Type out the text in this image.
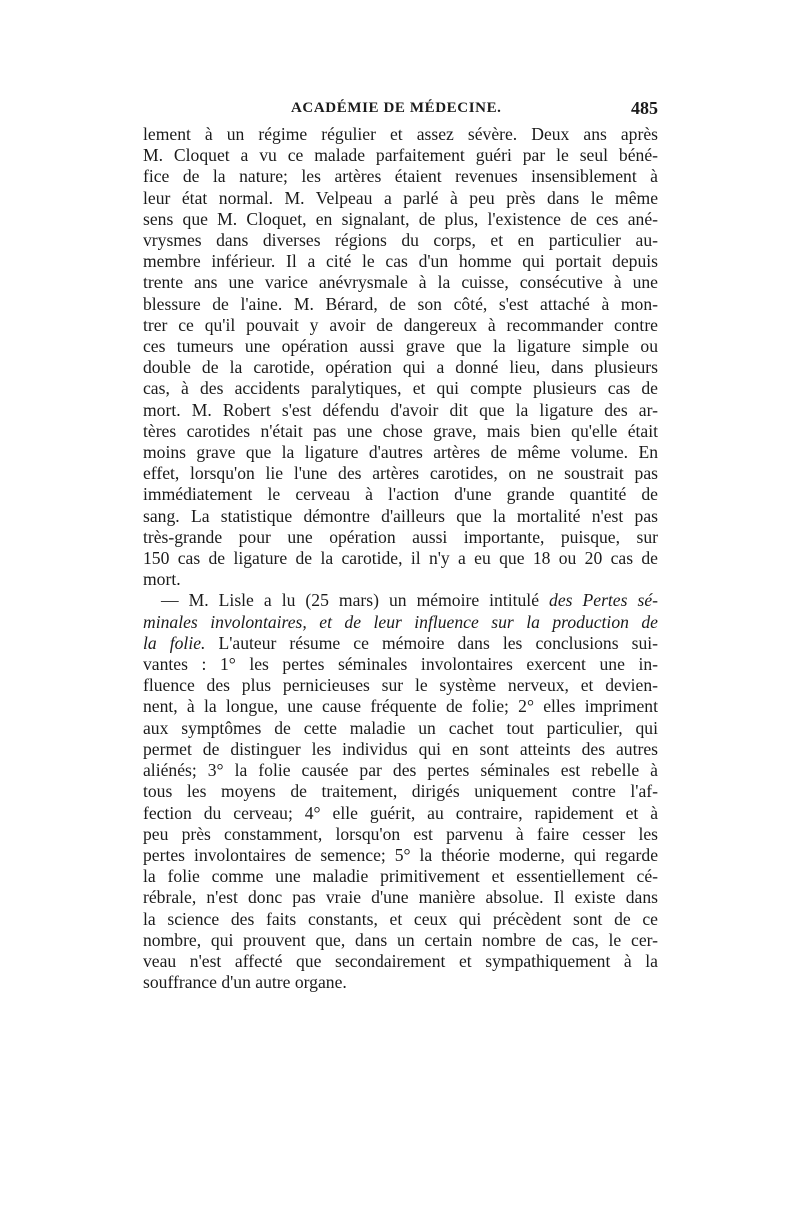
ACADÉMIE DE MÉDECINE.	485

lement à un régime régulier et assez sévère. Deux ans après
M. Cloquet a vu ce malade parfaitement guéri par le seul béné-
fice de la nature; les artères étaient revenues insensiblement à
leur état normal. M. Velpeau a parlé à peu près dans le même
sens que M. Cloquet, en signalant, de plus, l'existence de ces ané-
vrysmes dans diverses régions du corps, et en particulier au-
membre inférieur. Il a cité le cas d'un homme qui portait depuis
trente ans une varice anévrysmale à la cuisse, consécutive à une
blessure de l'aine. M. Bérard, de son côté, s'est attaché à mon-
trer ce qu'il pouvait y avoir de dangereux à recommander contre
ces tumeurs une opération aussi grave que la ligature simple ou
double de la carotide, opération qui a donné lieu, dans plusieurs
cas, à des accidents paralytiques, et qui compte plusieurs cas de
mort. M. Robert s'est défendu d'avoir dit que la ligature des ar-
tères carotides n'était pas une chose grave, mais bien qu'elle était
moins grave que la ligature d'autres artères de même volume. En
effet, lorsqu'on lie l'une des artères carotides, on ne soustrait pas
immédiatement le cerveau à l'action d'une grande quantité de
sang. La statistique démontre d'ailleurs que la mortalité n'est pas
très-grande pour une opération aussi importante, puisque, sur
150 cas de ligature de la carotide, il n'y a eu que 18 ou 20 cas de
mort.

— M. Lisle a lu (25 mars) un mémoire intitulé des Pertes sé-
minales involontaires, et de leur influence sur la production de
la folie. L'auteur résume ce mémoire dans les conclusions sui-
vantes : 1° les pertes séminales involontaires exercent une in-
fluence des plus pernicieuses sur le système nerveux, et devien-
nent, à la longue, une cause fréquente de folie; 2° elles impriment
aux symptômes de cette maladie un cachet tout particulier, qui
permet de distinguer les individus qui en sont atteints des autres
aliénés; 3° la folie causée par des pertes séminales est rebelle à
tous les moyens de traitement, dirigés uniquement contre l'af-
fection du cerveau; 4° elle guérit, au contraire, rapidement et à
peu près constamment, lorsqu'on est parvenu à faire cesser les
pertes involontaires de semence; 5° la théorie moderne, qui regarde
la folie comme une maladie primitivement et essentiellement cé-
rébrale, n'est donc pas vraie d'une manière absolue. Il existe dans
la science des faits constants, et ceux qui précèdent sont de ce
nombre, qui prouvent que, dans un certain nombre de cas, le cer-
veau n'est affecté que secondairement et sympathiquement à la
souffrance d'un autre organe.
